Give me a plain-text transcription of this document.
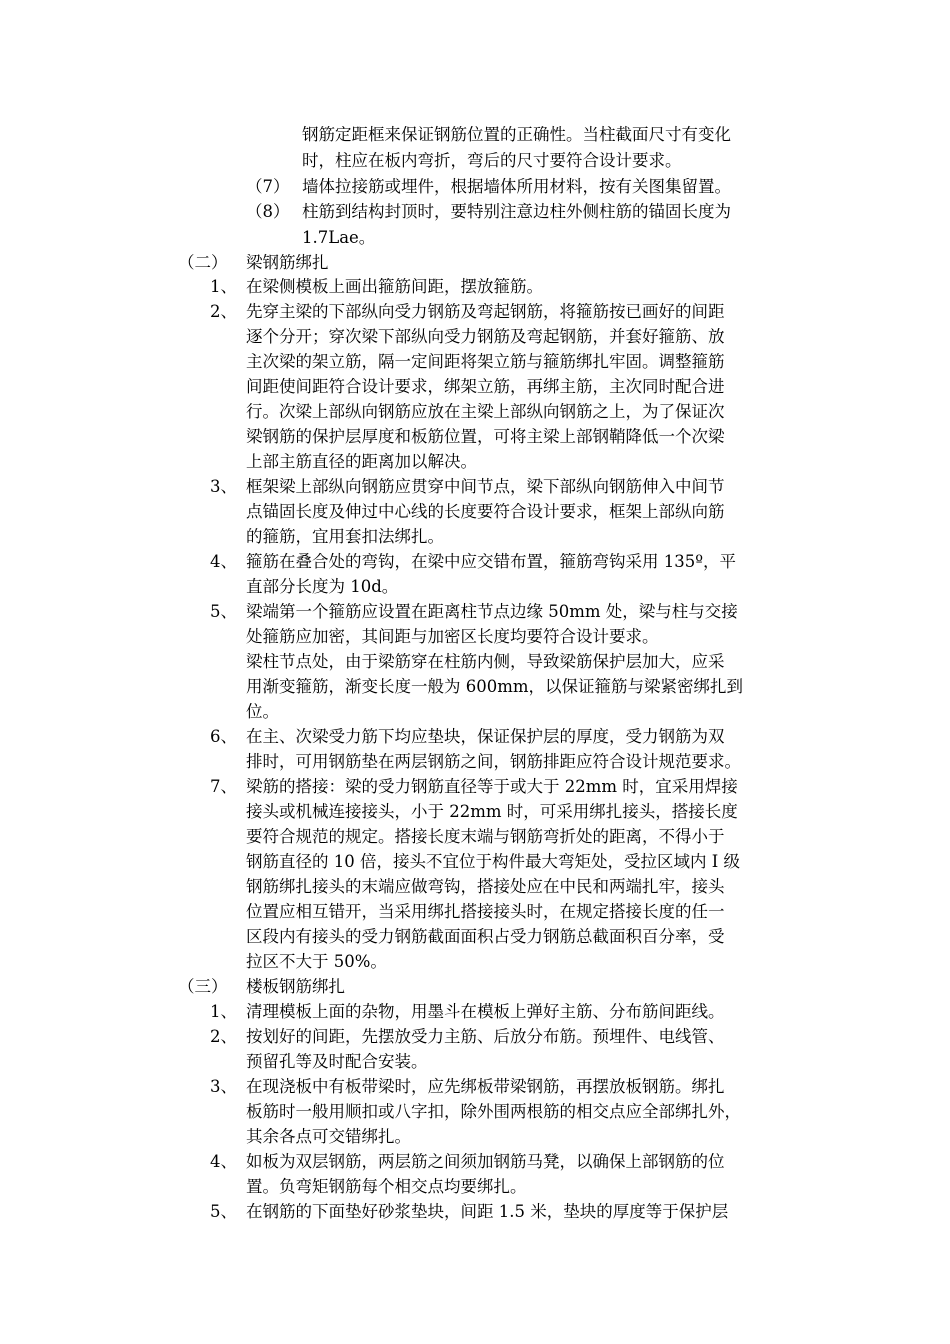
钢筋定距框来保证钢筋位置的正确性。当柱截面尺寸有变化
时，柱应在板内弯折，弯后的尺寸要符合设计要求。
（7） 墙体拉接筋或埋件，根据墙体所用材料，按有关图集留置。
（8） 柱筋到结构封顶时，要特别注意边柱外侧柱筋的锚固长度为
1.7Lae。
（二） 梁钢筋绑扎
1、 在梁侧模板上画出箍筋间距，摆放箍筋。
2、 先穿主梁的下部纵向受力钢筋及弯起钢筋，将箍筋按已画好的间距
逐个分开；穿次梁下部纵向受力钢筋及弯起钢筋，并套好箍筋、放
主次梁的架立筋，隔一定间距将架立筋与箍筋绑扎牢固。调整箍筋
间距使间距符合设计要求，绑架立筋，再绑主筋，主次同时配合进
行。次梁上部纵向钢筋应放在主梁上部纵向钢筋之上，为了保证次
梁钢筋的保护层厚度和板筋位置，可将主梁上部钢鞘降低一个次梁
上部主筋直径的距离加以解决。
3、 框架梁上部纵向钢筋应贯穿中间节点，梁下部纵向钢筋伸入中间节
点锚固长度及伸过中心线的长度要符合设计要求，框架上部纵向筋
的箍筋，宜用套扣法绑扎。
4、 箍筋在叠合处的弯钩，在梁中应交错布置，箍筋弯钩采用 135º，平
直部分长度为 10d。
5、 梁端第一个箍筋应设置在距离柱节点边缘 50mm 处，梁与柱与交接
处箍筋应加密，其间距与加密区长度均要符合设计要求。
梁柱节点处，由于梁筋穿在柱筋内侧，导致梁筋保护层加大，应采
用渐变箍筋，渐变长度一般为 600mm，以保证箍筋与梁紧密绑扎到
位。
6、 在主、次梁受力筋下均应垫块，保证保护层的厚度，受力钢筋为双
排时，可用钢筋垫在两层钢筋之间，钢筋排距应符合设计规范要求。
7、 梁筋的搭接：梁的受力钢筋直径等于或大于 22mm 时，宜采用焊接
接头或机械连接接头，小于 22mm 时，可采用绑扎接头，搭接长度
要符合规范的规定。搭接长度末端与钢筋弯折处的距离，不得小于
钢筋直径的 10 倍，接头不宜位于构件最大弯矩处，受拉区域内 I 级
钢筋绑扎接头的末端应做弯钩，搭接处应在中民和两端扎牢，接头
位置应相互错开，当采用绑扎搭接接头时，在规定搭接长度的任一
区段内有接头的受力钢筋截面面积占受力钢筋总截面积百分率，受
拉区不大于 50%。
（三） 楼板钢筋绑扎
1、 清理模板上面的杂物，用墨斗在模板上弹好主筋、分布筋间距线。
2、 按划好的间距，先摆放受力主筋、后放分布筋。预埋件、电线管、
预留孔等及时配合安装。
3、 在现浇板中有板带梁时，应先绑板带梁钢筋，再摆放板钢筋。绑扎
板筋时一般用顺扣或八字扣，除外围两根筋的相交点应全部绑扎外，
其余各点可交错绑扎。
4、 如板为双层钢筋，两层筋之间须加钢筋马凳，以确保上部钢筋的位
置。负弯矩钢筋每个相交点均要绑扎。
5、 在钢筋的下面垫好砂浆垫块，间距 1.5 米，垫块的厚度等于保护层
